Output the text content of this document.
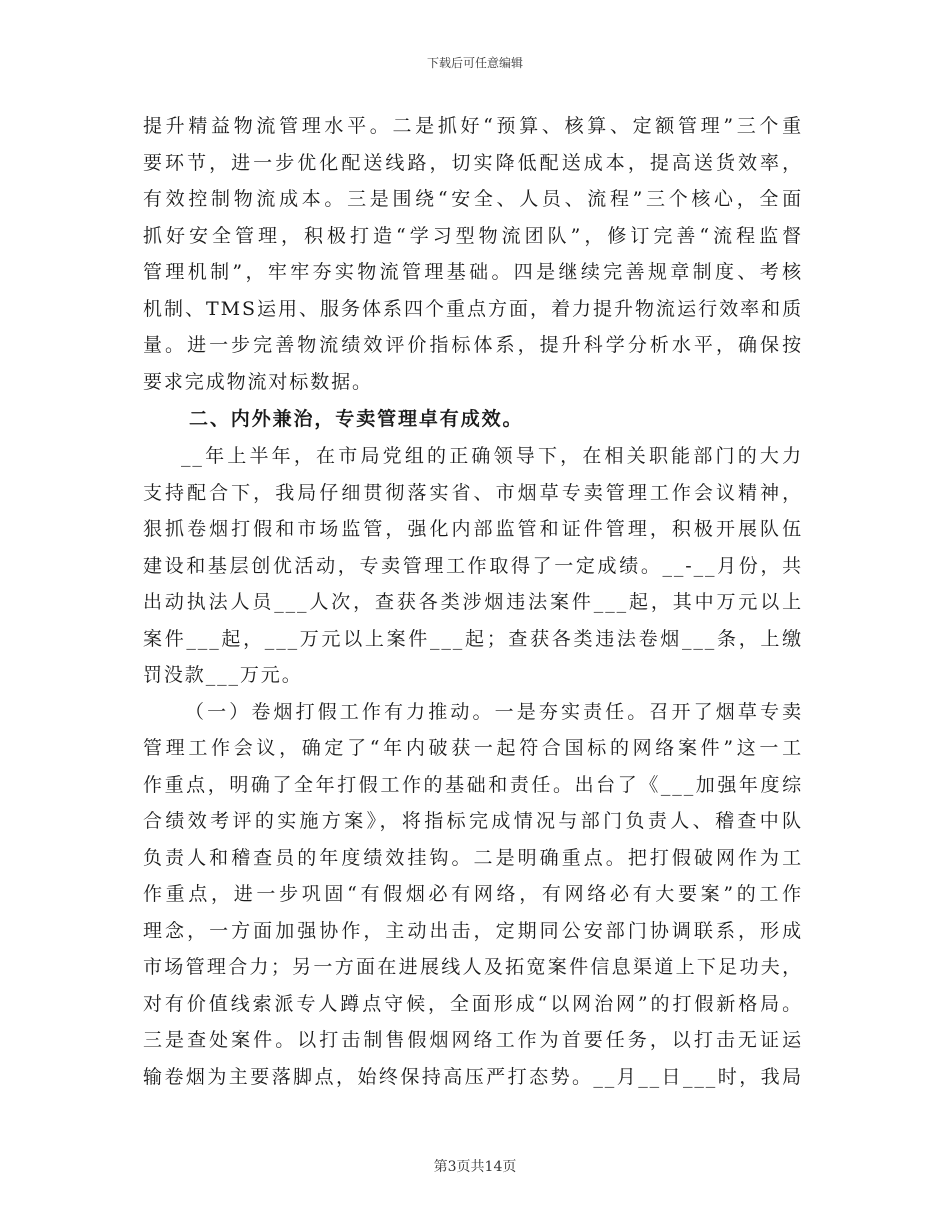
下载后可任意编辑
提升精益物流管理水平。二是抓好“预算、核算、定额管理”三个重
要环节，进一步优化配送线路，切实降低配送成本，提高送货效率，
有效控制物流成本。三是围绕“安全、人员、流程”三个核心，全面
抓好安全管理，积极打造“学习型物流团队”，修订完善“流程监督
管理机制”，牢牢夯实物流管理基础。四是继续完善规章制度、考核
机制、TMS运用、服务体系四个重点方面，着力提升物流运行效率和质
量。进一步完善物流绩效评价指标体系，提升科学分析水平，确保按
要求完成物流对标数据。
二、内外兼治，专卖管理卓有成效。
__年上半年，在市局党组的正确领导下，在相关职能部门的大力
支持配合下，我局仔细贯彻落实省、市烟草专卖管理工作会议精神，
狠抓卷烟打假和市场监管，强化内部监管和证件管理，积极开展队伍
建设和基层创优活动，专卖管理工作取得了一定成绩。__-__月份，共
出动执法人员___人次，查获各类涉烟违法案件___起，其中万元以上
案件___起，___万元以上案件___起；查获各类违法卷烟___条，上缴
罚没款___万元。
（一）卷烟打假工作有力推动。一是夯实责任。召开了烟草专卖
管理工作会议，确定了“年内破获一起符合国标的网络案件”这一工
作重点，明确了全年打假工作的基础和责任。出台了《___加强年度综
合绩效考评的实施方案》，将指标完成情况与部门负责人、稽查中队
负责人和稽查员的年度绩效挂钩。二是明确重点。把打假破网作为工
作重点，进一步巩固“有假烟必有网络，有网络必有大要案”的工作
理念，一方面加强协作，主动出击，定期同公安部门协调联系，形成
市场管理合力；另一方面在进展线人及拓宽案件信息渠道上下足功夫，
对有价值线索派专人蹲点守候，全面形成“以网治网”的打假新格局。
三是查处案件。以打击制售假烟网络工作为首要任务，以打击无证运
输卷烟为主要落脚点，始终保持高压严打态势。__月__日___时，我局
第3页共14页
